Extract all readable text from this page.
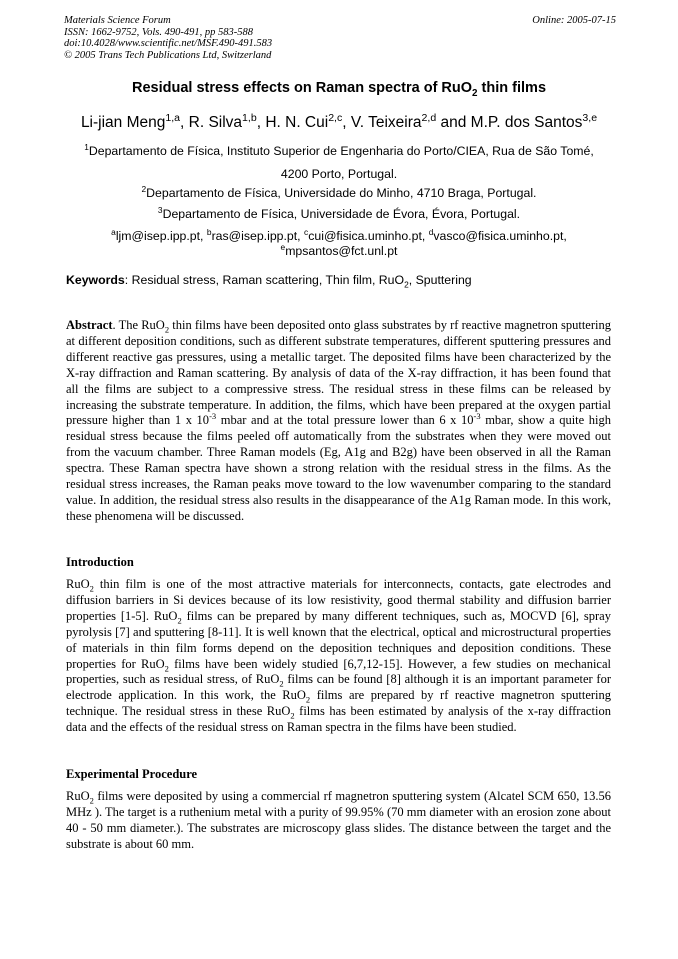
Materials Science Forum
ISSN: 1662-9752, Vols. 490-491, pp 583-588
doi:10.4028/www.scientific.net/MSF.490-491.583
© 2005 Trans Tech Publications Ltd, Switzerland
Online: 2005-07-15
Residual stress effects on Raman spectra of RuO$_2$ thin films
Li-jian Meng$^{1,a}$, R. Silva$^{1,b}$, H. N. Cui$^{2,c}$, V. Teixeira$^{2,d}$ and M.P. dos Santos$^{3,e}$
$^1$Departamento de Física, Instituto Superior de Engenharia do Porto/CIEA, Rua de São Tomé,
4200 Porto, Portugal.
$^2$Departamento de Física, Universidade do Minho, 4710 Braga, Portugal.
$^3$Departamento de Física, Universidade de Évora, Évora, Portugal.
$^a$ljm@isep.ipp.pt, $^b$ras@isep.ipp.pt, $^c$cui@fisica.uminho.pt, $^d$vasco@fisica.uminho.pt,
$^e$mpsantos@fct.unl.pt
Keywords: Residual stress, Raman scattering, Thin film, RuO$_2$, Sputtering
Abstract. The RuO$_2$ thin films have been deposited onto glass substrates by rf reactive magnetron sputtering at different deposition conditions, such as different substrate temperatures, different sputtering pressures and different reactive gas pressures, using a metallic target. The deposited films have been characterized by the X-ray diffraction and Raman scattering. By analysis of data of the X-ray diffraction, it has been found that all the films are subject to a compressive stress. The residual stress in these films can be released by increasing the substrate temperature. In addition, the films, which have been prepared at the oxygen partial pressure higher than 1 x $10^{-3}$ mbar and at the total pressure lower than 6 x $10^{-3}$ mbar, show a quite high residual stress because the films peeled off automatically from the substrates when they were moved out from the vacuum chamber. Three Raman models (Eg, A1g and B2g) have been observed in all the Raman spectra. These Raman spectra have shown a strong relation with the residual stress in the films. As the residual stress increases, the Raman peaks move toward to the low wavenumber comparing to the standard value. In addition, the residual stress also results in the disappearance of the A1g Raman mode. In this work, these phenomena will be discussed.
Introduction
RuO$_2$ thin film is one of the most attractive materials for interconnects, contacts, gate electrodes and diffusion barriers in Si devices because of its low resistivity, good thermal stability and diffusion barrier properties [1-5]. RuO$_2$ films can be prepared by many different techniques, such as, MOCVD [6], spray pyrolysis [7] and sputtering [8-11]. It is well known that the electrical, optical and microstructural properties of materials in thin film forms depend on the deposition techniques and deposition conditions. These properties for RuO$_2$ films have been widely studied [6,7,12-15]. However, a few studies on mechanical properties, such as residual stress, of RuO$_2$ films can be found [8] although it is an important parameter for electrode application. In this work, the RuO$_2$ films are prepared by rf reactive magnetron sputtering technique. The residual stress in these RuO$_2$ films has been estimated by analysis of the x-ray diffraction data and the effects of the residual stress on Raman spectra in the films have been studied.
Experimental Procedure
RuO$_2$ films were deposited by using a commercial rf magnetron sputtering system (Alcatel SCM 650, 13.56 MHz ). The target is a ruthenium metal with a purity of 99.95% (70 mm diameter with an erosion zone about 40 - 50 mm diameter.). The substrates are microscopy glass slides. The distance between the target and the substrate is about 60 mm.
